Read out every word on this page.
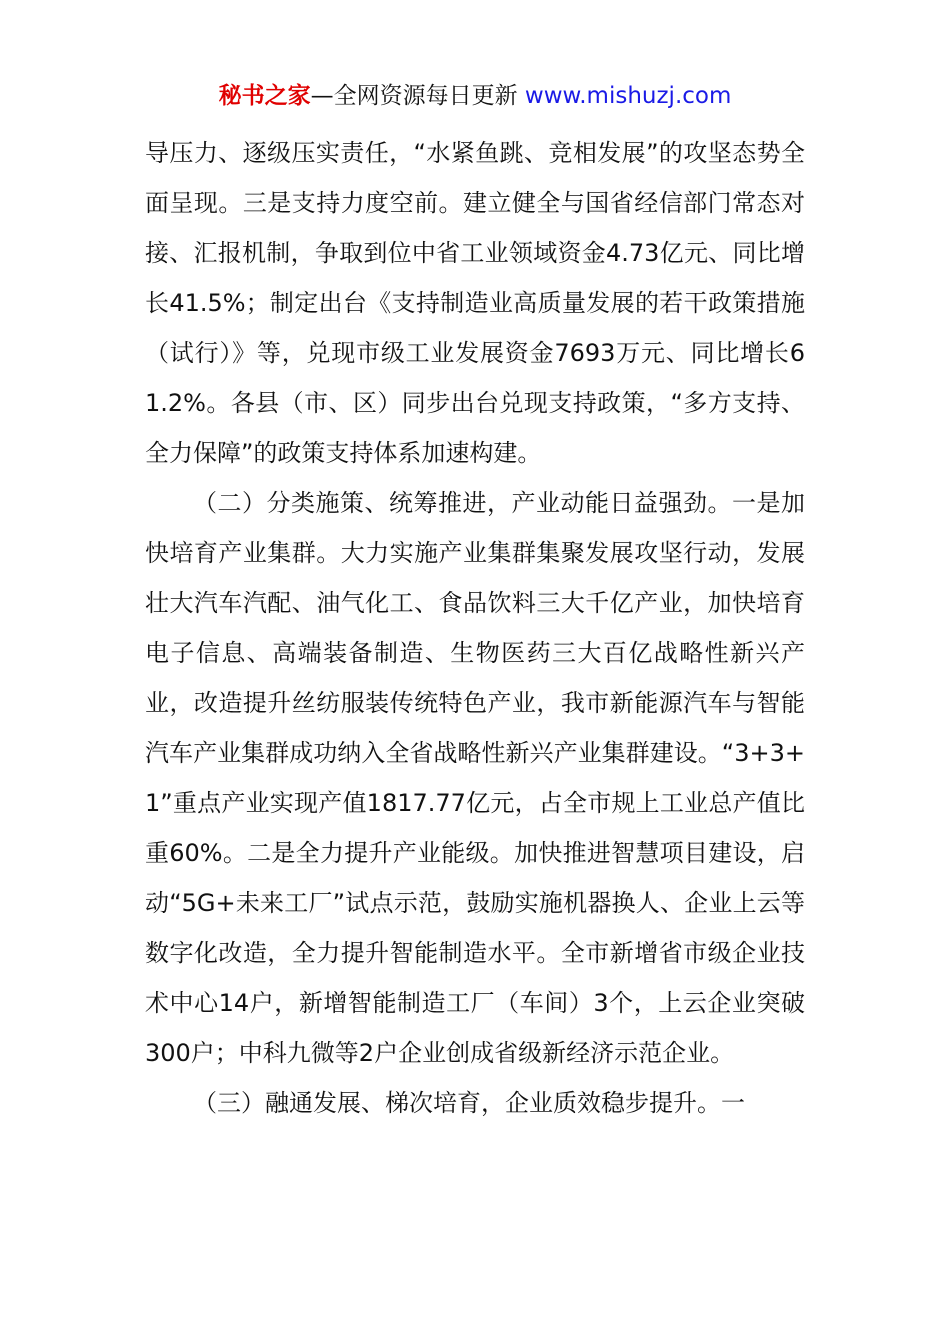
秘书之家—全网资源每日更新 www.mishuzj.com

导压力、逐级压实责任，“水紧鱼跳、竞相发展”的攻坚态势全面呈现。三是支持力度空前。建立健全与国省经信部门常态对接、汇报机制，争取到位中省工业领域资金4.73亿元、同比增长41.5%；制定出台《支持制造业高质量发展的若干政策措施（试行）》等，兑现市级工业发展资金7693万元、同比增长61.2%。各县（市、区）同步出台兑现支持政策，“多方支持、全力保障”的政策支持体系加速构建。

（二）分类施策、统筹推进，产业动能日益强劲。一是加快培育产业集群。大力实施产业集群集聚发展攻坚行动，发展壮大汽车汽配、油气化工、食品饮料三大千亿产业，加快培育电子信息、高端装备制造、生物医药三大百亿战略性新兴产业，改造提升丝纺服装传统特色产业，我市新能源汽车与智能汽车产业集群成功纳入全省战略性新兴产业集群建设。“3+3+1”重点产业实现产值1817.77亿元，占全市规上工业总产值比重60%。二是全力提升产业能级。加快推进智慧项目建设，启动“5G+未来工厂”试点示范，鼓励实施机器换人、企业上云等数字化改造，全力提升智能制造水平。全市新增省市级企业技术中心14户，新增智能制造工厂（车间）3个，上云企业突破300户；中科九微等2户企业创成省级新经济示范企业。

（三）融通发展、梯次培育，企业质效稳步提升。一
